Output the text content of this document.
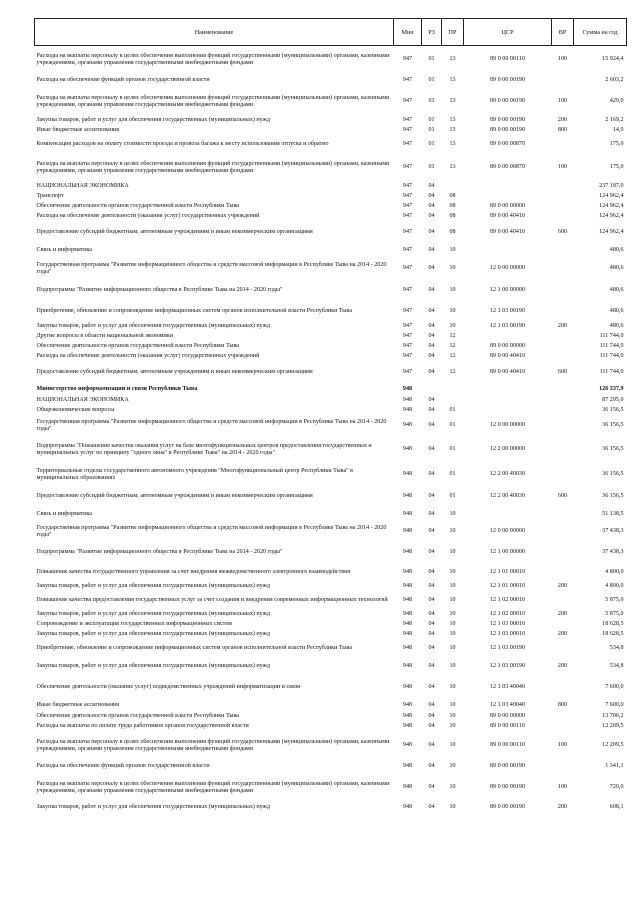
Наименование	Мин	РЗ	ПР	ЦСР	ВР	Сумма на год
Расходы на выплаты персоналу в целях обеспечения выполнения функций государственными (муниципальными) органами, казенными учреждениями, органами управления государственными внебюджетными фондами	947	01	13	89 0 00 00110	100	15 924,4
Расходы на обеспечение функций органов государственной власти	947	01	13	89 0 00 00190		2 603,2
Расходы на выплаты персоналу в целях обеспечения выполнения функций государственными (муниципальными) органами, казенными учреждениями, органами управления государственными внебюджетными фондами	947	01	13	89 0 00 00190	100	429,0
Закупка товаров, работ и услуг для обеспечения государственных (муниципальных) нужд	947	01	13	89 0 00 00190	200	2 169,2
Иные бюджетные ассигнования	947	01	13	89 0 00 00190	800	14,0
Компенсация расходов на оплату стоимости проезда и провоза багажа к месту использования отпуска и обратно	947	01	13	89 0 00 00870		175,0
Расходы на выплаты персоналу в целях обеспечения выполнения функций государственными (муниципальными) органами, казенными учреждениями, органами управления государственными внебюджетными фондами	947	01	13	89 0 00 00870	100	175,0
НАЦИОНАЛЬНАЯ ЭКОНОМИКА	947	04				237 187,0
Транспорт	947	04	08			124 962,4
Обеспечение деятельности органов государственной власти Республики Тыва	947	04	08	89 0 00 00000		124 962,4
Расходы на обеспечение деятельности (оказания услуг) государственных учреждений	947	04	08	89 0 00 40410		124 962,4
Предоставление субсидий бюджетным, автономным учреждениям и иным некоммерческим организациям	947	04	08	89 0 00 40410	600	124 962,4
Связь и информатика	947	04	10			480,6
Государственная программа "Развитие информационного общества и средств массовой информации в Республике Тыва на 2014 - 2020 годы"	947	04	10	12 0 00 00000		480,6
Подпрограмма "Развитие информационного общества в Республике Тыва на 2014 - 2020 годы"	947	04	10	12 1 00 00000		480,6
Приобретение, обновление и сопровождение информационных систем органов исполнительной власти Республики Тыва	947	04	10	12 1 03 00190		480,6
Закупка товаров, работ и услуг для обеспечения государственных (муниципальных) нужд	947	04	10	12 1 03 00190	200	480,6
Другие вопросы в области национальной экономики	947	04	12			111 744,0
Обеспечение деятельности органов государственной власти Республики Тыва	947	04	12	89 0 00 00000		111 744,0
Расходы на обеспечение деятельности (оказания услуг) государственных учреждений	947	04	12	89 0 00 40410		111 744,0
Предоставление субсидий бюджетным, автономным учреждениям и иным некоммерческим организациям	947	04	12	89 0 00 40410	600	111 744,0
Министерство информатизации и связи Республики Тыва	948					126 337,9
НАЦИОНАЛЬНАЯ ЭКОНОМИКА	948	04				87 295,0
Общеэкономические вопросы	948	04	01			36 156,5
Государственная программа "Развитие информационного общества и средств массовой информации в Республике Тыва на 2014 - 2020 годы"	948	04	01	12 0 00 00000		36 156,5
Подпрограмма "Повышение качества оказания услуг на базе многофункциональных центров предоставления государственных и муниципальных услуг по принципу "одного окна" в Республике Тыва" на 2014 - 2020 годы"	948	04	01	12 2 00 00000		36 156,5
Территориальные отделы государственного автономного учреждения "Многофункциональный центр Республики Тыва" в муниципальных образованиях	948	04	01	12 2 00 40030		36 156,5
Предоставление субсидий бюджетным, автономным учреждениям и иным некоммерческим организациям	948	04	01	12 2 00 40030	600	36 156,5
Связь и информатика	948	04	10			51 138,5
Государственная программа "Развитие информационного общества и средств массовой информации в Республике Тыва на 2014 - 2020 годы"	948	04	10	12 0 00 00000		37 438,3
Подпрограмма "Развитие информационного общества в Республике Тыва на 2014 - 2020 годы"	948	04	10	12 1 00 00000		37 438,3
Повышение качества государственного управления за счет внедрения межведомственного электронного взаимодействия	948	04	10	12 1 01 00010		4 800,0
Закупка товаров, работ и услуг для обеспечения государственных (муниципальных) нужд	948	04	10	12 1 01 00010	200	4 800,0
Повышение качества предоставления государственных услуг за счет создания и внедрения современных информационных технологий	948	04	10	12 1 02 00010		5 875,0
Закупка товаров, работ и услуг для обеспечения государственных (муниципальных) нужд	948	04	10	12 1 02 00010	200	5 875,0
Сопровождение и эксплуатация государственных информационных систем	948	04	10	12 1 03 00010		18 628,5
Закупка товаров, работ и услуг для обеспечения государственных (муниципальных) нужд	948	04	10	12 1 03 00010	200	18 628,5
Приобретение, обновление и сопровождение информационных систем органов исполнительной власти Республики Тыва	948	04	10	12 1 03 00190		534,8
Закупка товаров, работ и услуг для обеспечения государственных (муниципальных) нужд	948	04	10	12 1 03 00190	200	534,8
Обеспечение деятельности (оказание услуг) подведомственных учреждений информатизации и связи	948	04	10	12 1 03 40040		7 600,0
Иные бюджетные ассигнования	948	04	10	12 1 03 40040	800	7 600,0
Обеспечение деятельности органов государственной власти Республики Тыва	948	04	10	89 0 00 00000		13 700,2
Расходы на выплаты по оплате труда работников органов государственной власти	948	04	10	89 0 00 00110		12 209,5
Расходы на выплаты персоналу в целях обеспечения выполнения функций государственными (муниципальными) органами, казенными учреждениями, органами управления государственными внебюджетными фондами	948	04	10	89 0 00 00110	100	12 209,5
Расходы на обеспечение функций органов государственной власти	948	04	10	89 0 00 00190		1 341,1
Расходы на выплаты персоналу в целях обеспечения выполнения функций государственными (муниципальными) органами, казенными учреждениями, органами управления государственными внебюджетными фондами	948	04	10	89 0 00 00190	100	720,0
Закупка товаров, работ и услуг для обеспечения государственных (муниципальных) нужд	948	04	10	89 0 00 00190	200	608,1
